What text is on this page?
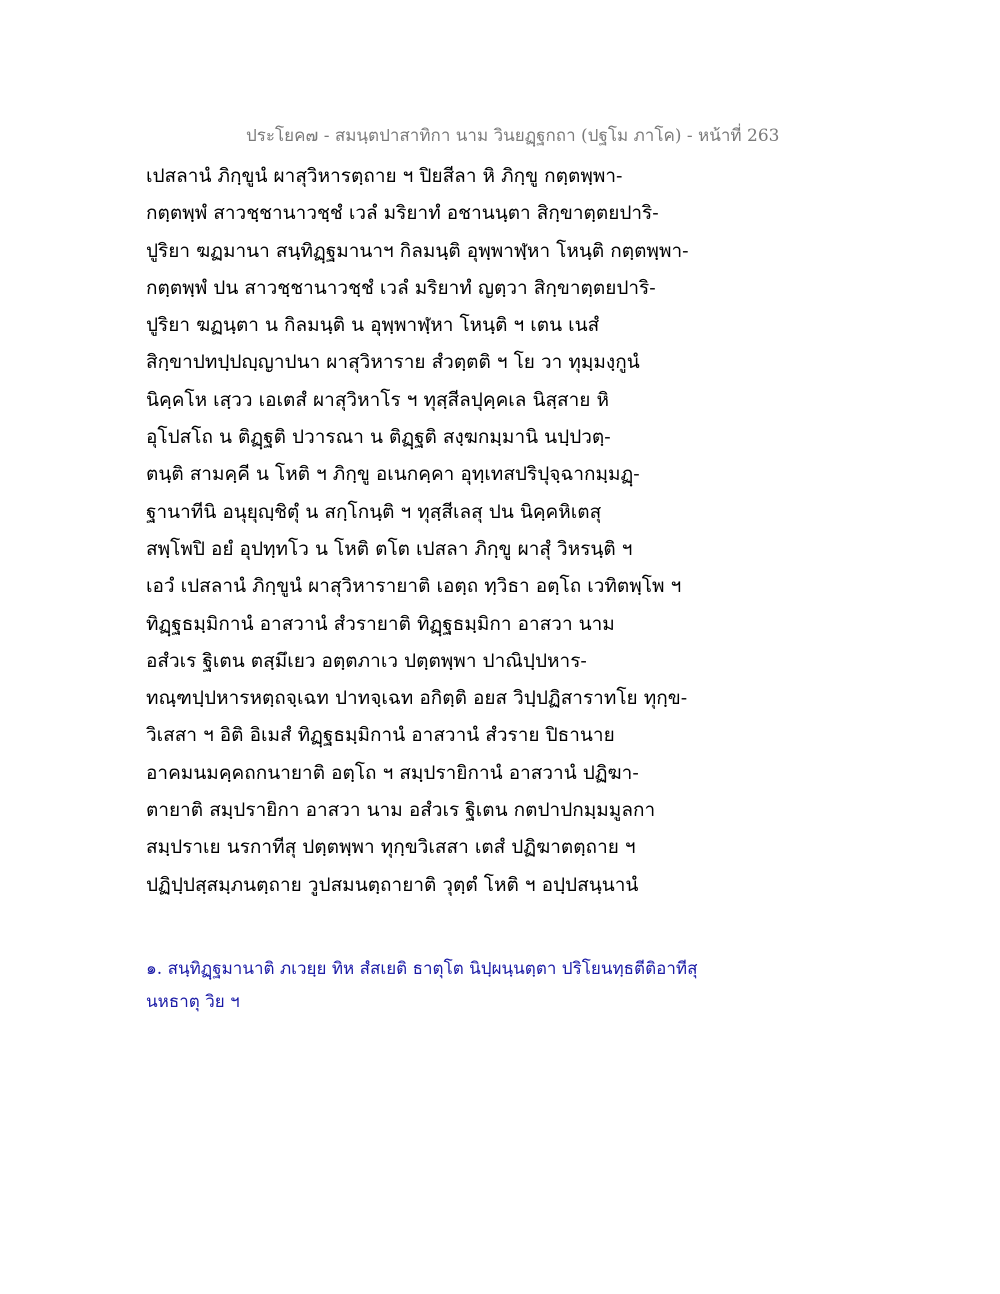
ประโยค๗ - สมนฺตปาสาทิกา นาม วินยฏฺฐกถา (ปฐโม ภาโค) - หน้าที่ 263
เปสลานํ ภิกฺขูนํ ผาสุวิหารตฺถาย ฯ ปิยสีลา หิ ภิกฺขู กตฺตพฺพา-
กตฺตพฺพํ สาวชฺชานาวชฺชํ เวลํ มริยาทํ อชานนฺตา สิกฺขาตฺตยปาริ-
ปูริยา ฆฏมานา สนฺทิฏฺฐมานาฯ กิลมนฺติ อุพฺพาฬฺหา โหนฺติ กตฺตพฺพา-
กตฺตพฺพํ ปน สาวชฺชานาวชฺชํ เวลํ มริยาทํ ญตฺวา สิกฺขาตฺตยปาริ-
ปูริยา ฆฏนฺตา น กิลมนฺติ น อุพฺพาฬฺหา โหนฺติ ฯ เตน เนสํ
สิกฺขาปทปฺปญฺญาปนา ผาสุวิหาราย สํวตฺตติ ฯ โย วา ทุมฺมงฺกูนํ
นิคฺคโห เสฺวว เอเตสํ ผาสุวิหาโร ฯ ทุสฺสีลปุคฺคเล นิสฺสาย หิ
อุโปสโถ น ติฏฺฐติ ปวารณา น ติฏฺฐติ สงฺฆกมฺมานิ นปฺปวตฺ-
ตนฺติ สามคฺคี น โหติ ฯ ภิกฺขู อเนกคฺคา อุทฺเทสปริปุจฺฉากมฺมฏฺ-
ฐานาทีนิ อนุยุญฺชิตุํ น สกฺโกนฺติ ฯ ทุสฺสีเลสุ ปน นิคฺคหิเตสุ
สพฺโพปิ อยํ อุปทฺทโว น โหติ ตโต เปสลา ภิกฺขู ผาสุํ วิหรนฺติ ฯ
เอวํ เปสลานํ ภิกฺขูนํ ผาสุวิหารายาติ เอตฺถ ทฺวิธา อตฺโถ เวทิตพฺโพ ฯ
ทิฏฺฐธมฺมิกานํ อาสวานํ สํวรายาติ ทิฏฺฐธมฺมิกา อาสวา นาม
อสํวเร ฐิเตน ตสฺมึเยว อตฺตภาเว ปตฺตพฺพา ปาณิปฺปหาร-
ทณฺฑปฺปหารหตฺถจฺเฉท ปาทจฺเฉท อกิตฺติ อยส วิปฺปฏิสาราทโย ทุกฺข-
วิเสสา ฯ อิติ อิเมสํ ทิฏฺฐธมฺมิกานํ อาสวานํ สํวราย ปิธานาย
อาคมนมคฺคถกนายาติ อตฺโถ ฯ สมฺปรายิกานํ อาสวานํ ปฏิฆา-
ตายาติ สมฺปรายิกา อาสวา นาม อสํวเร ฐิเตน กตปาปกมฺมมูลกา
สมฺปราเย นรกาทีสุ ปตฺตพฺพา ทุกฺขวิเสสา เตสํ ปฏิฆาตตฺถาย ฯ
ปฏิปฺปสฺสมฺภนตฺถาย วูปสมนตฺถายาติ วุตฺตํ โหติ ฯ อปฺปสนฺนานํ
๑. สนฺทิฏฺฐมานาติ ภเวยฺย ทิห สํสเยติ ธาตุโต นิปฺผนฺนตฺตา ปริโยนทฺธตีติอาทีสุ
นหธาตุ วิย ฯ
